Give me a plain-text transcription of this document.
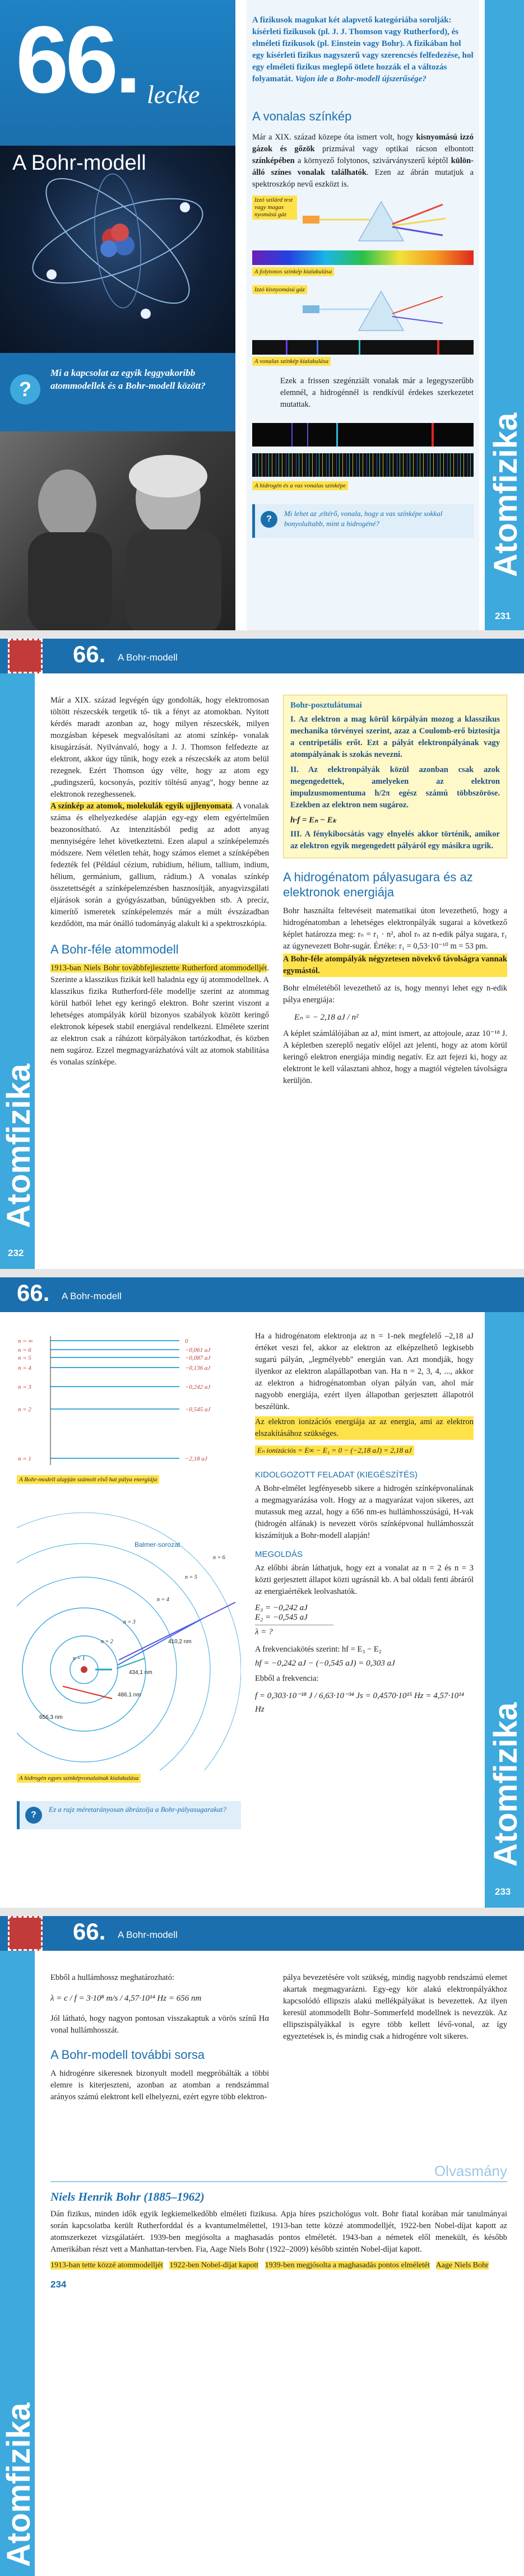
66. lecke
A Bohr-modell
?
Mi a kapcsolat az egyik leggyakoribb atommodellek és a Bohr-modell között?
A fizikusok magukat két alapvető kategóriába sorolják: kísérleti fizikusok (pl. J. J. Thomson vagy Rutherford), és elméleti fizikusok (pl. Einstein vagy Bohr). A fizikában hol egy kísérleti fizikus nagyszerű vagy szerencsés felfedezése, hol egy elméleti fizikus meglepő ötlete hozzák el a változás folyamatát. Vajon ide a Bohr-modell újszerűsége?
A vonalas színkép
Már a XIX. század közepe óta ismert volt, hogy kisnyomású izzó gázok és gőzök prizmával vagy optikai rácson elbontott színképében a környező folytonos, szivárványszerű képtől külön-álló színes vonalak találhatók. Ezen az ábrán mutatjuk a spektroszkóp nevű eszközt is.
Izzó szilárd test vagy magas nyomású gáz
A folytonos színkép kialakulása
Izzó kisnyomású gáz
A vonalas színkép kialakulása
Ezek a frissen szegénziált vonalak már a legegyszerűbb elemnél, a hidrogénnél is rendkívül érdekes szerkezetet mutattak.
A hidrogén és a vas vonalas színképe
?
Mi lehet az ,eltérő, vonala, hogy a vas színképe sokkal bonyolultabb, mint a hidrogéné?	Atomfizika
231
66. A Bohr-modell
Atomfizika
232
Már a XIX. század legvégén úgy gondolták, hogy elektromosan töltött részecskék tergetik tő- tik a fényt az atomokban. Nyitott kérdés maradt azonban az, hogy milyen részecskék, milyen mozgásban képesek megvalósítani az atomi színkép- vonalak kisugárzását. Nyilvánvaló, hogy a J. J. Thomson felfedezte az elektront, akkor úgy tűnik, hogy ezek a részecskék az atom belül rezegnek. Ezért Thomson úgy vélte, hogy az atom egy „pudingszerű, kocsonyás, pozitív töltésű anyag", hogy benne az elektronok rezeghessenek.
A színkép az atomok, molekulák egyik ujjlenyomata. A vonalak száma és elhelyezkedése alapján egy-egy elem egyértelműen beazonosítható. Az intenzitásból pedig az adott anyag mennyiségére lehet következtetni. Ezen alapul a színképelemzés módszere. Nem véletlen tehát, hogy számos elemet a színképében fedezték fel (Például cézium, rubídium, hélium, tallium, indium, hélium, germánium, gallium, rádium.) A vonalas színkép összetettségét a színképelemzésben hasznosítják, anyagvizsgálati eljárások során a gyógyászatban, bűnügyekben stb. A precíz, kimerítő ismeretek színképelemzés már a múlt évszázadban kezdődött, ma már önálló tudományág alakult ki a spektroszkópia.
A Bohr-féle atommodell
1913-ban Niels Bohr továbbfejlesztette Rutherford atommodelljét. Szerinte a klasszikus fizikát kell haladnia egy új atommodellnek. A klasszikus fizika Rutherford-féle modellje szerint az atommag körül hatból lehet egy keringő elektron. Bohr szerint viszont a lehetséges atompályák körül bizonyos szabályok között keringő elektronok képesek stabil energiával rendelkezni. Elmélete szerint az elektron csak a ráhúzott körpályákon tartózkodhat, és közben nem sugároz. Ezzel megmagyarázhatóvá vált az atomok stabilitása és vonalas színképe.
Bohr-posztulátumai
I. Az elektron a mag körül körpályán mozog a klasszikus mechanika törvényei szerint, azaz a Coulomb-erő biztosítja a centripetális erőt. Ezt a pályát elektronpályának vagy atompályának is szokás nevezni.
II. Az elektronpályák közül azonban csak azok megengedettek, amelyeken az elektron impulzusmomentuma h/2π egész számú többszöröse. Ezekben az elektron nem sugároz.
h·f = Eₙ − Eₖ
III. A fénykibocsátás vagy elnyelés akkor történik, amikor az elektron egyik megengedett pályáról egy másikra ugrik.
A hidrogénatom pályasugara és az elektronok energiája
Bohr használta feltevéseit matematikai úton levezethető, hogy a hidrogénatomban a lehetséges elektronpályák sugarai a következő képlet határozza meg: rₙ = r₁ · n², ahol rₙ az n-edik pálya sugara, r₁ az úgynevezett Bohr-sugár. Értéke: r₁ = 0,53·10⁻¹⁰ m = 53 pm.
A Bohr-féle atompályák négyzetesen növekvő távolságra vannak egymástól.
Bohr elméletéből levezethető az is, hogy mennyi lehet egy n-edik pálya energiája:
Eₙ = − 2,18 aJ / n²
A képlet számlálójában az aJ, mint ismert, az attojoule, azaz 10⁻¹⁸ J. A képletben szereplő negatív előjel azt jelenti, hogy az atom körül keringő elektron energiája mindig negatív. Ez azt fejezi ki, hogy az elektront le kell választani ahhoz, hogy a magtól végtelen távolságra kerüljön.
66. A Bohr-modell
n = ∞	0
n = 6	−0,061 aJ
n = 5	−0,087 aJ
n = 4	−0,136 aJ
n = 3	−0,242 aJ
n = 2	−0,545 aJ
n = 1	−2,18 aJ
A Bohr-modell alapján számolt első hat pálya energiája
Balmer-sorozat
n = 1
n = 2
n = 3
n = 4
n = 5
n = 6
410,2 nm
434,1 nm
486,1 nm
656,3 nm
A hidrogén egyes színképvonalainak kialakulása
?
Ez a rajz méretarányosan ábrázolja a Bohr-pályasugarakat?
Ha a hidrogénatom elektronja az n = 1-nek megfelelő –2,18 aJ értéket veszi fel, akkor az elektron az elképzelhető legkisebb sugarú pályán, „legmélyebb" energián van. Azt mondják, hogy ilyenkor az elektron alapállapotban van. Ha n = 2, 3, 4, ..., akkor az elektron a hidrogénatomban olyan pályán van, ahol már nagyobb energiája, ezért ilyen állapotban gerjesztett állapotról beszélünk.
Az elektron ionizációs energiája az az energia, ami az elektron elszakításához szükséges.
Eₙ ionizációs = E∞ − E₁ = 0 − (−2,18 aJ) = 2,18 aJ
KIDOLGOZOTT FELADAT (KIEGÉSZÍTÉS)
A Bohr-elmélet legfényesebb sikere a hidrogén színképvonalának a megmagyarázása volt. Hogy az a magyarázat vajon sikeres, azt mutassuk meg azzal, hogy a 656 nm-es hullámhosszúságú, H-vak (hidrogén alfának) is nevezett vörös színképvonal hullámhosszát kiszámítjuk a Bohr-modell alapján!
MEGOLDÁS
Az előbbi ábrán láthatjuk, hogy ezt a vonalat az n = 2 és n = 3 közti gerjesztett állapot közti ugrásnál kb. A bal oldali fenti ábráról az energiaértékek leolvashatók.
E₃ = −0,242 aJ
E₂ = −0,545 aJ
λ = ?
A frekvenciakötés szerint: hf = E₃ − E₂
hf = −0,242 aJ − (−0,545 aJ) = 0,303 aJ
Ebből a frekvencia:
f = 0,303·10⁻¹⁸ J / 6,63·10⁻³⁴ Js = 0,4570·10¹⁵ Hz = 4,57·10¹⁴ Hz	Atomfizika
233
66. A Bohr-modell
Atomfizika
Ebből a hullámhossz meghatározható:
λ = c / f = 3·10⁸ m/s / 4,57·10¹⁴ Hz = 656 nm
Jól látható, hogy nagyon pontosan visszakaptuk a vörös színű Hα vonal hullámhosszát.
A Bohr-modell további sorsa
A hidrogénre sikeresnek bizonyult modell megpróbálták a többi elemre is kiterjeszteni, azonban az atomban a rendszámmal arányos számú elektront kell elhelyezni, ezért egyre több elektron-
pálya bevezetésére volt szükség, mindig nagyobb rendszámú elemet akartak megmagyarázni. Egy-egy kör alakú elektronpályákhoz kapcsolódó ellipszis alakú mellékpályákat is bevezettek. Az ilyen keresül atommodellt Bohr–Sommerfeld modellnek is nevezzük. Az ellipszispályákkal is egyre több kellett lévő-vonal, az így egyeztetések is, és mindig csak a hidrogénre volt sikeres.
Olvasmány
Niels Henrik Bohr (1885–1962)
Dán fizikus, minden idők egyik legkiemelkedőbb elméleti fizikusa. Apja híres pszichológus volt. Bohr fiatal korában már tanulmányai során kapcsolatba került Rutherforddal és a kvantumelmélettel, 1913-ban tette közzé atommodelljét, 1922-ben Nobel-díjat kapott az atomszerkezet vizsgálatáért. 1939-ben megjósolta a maghasadás pontos elméletét. 1943-ban a németek elől menekült, és később Amerikában részt vett a Manhattan-tervben. Fia, Aage Niels Bohr (1922–2009) később szintén Nobel-díjat kapott.
1913-ban tette közzé atommodelljét 1922-ben Nobel-díjat kapott 1939-ben megjósolta a maghasadás pontos elméletét Aage Niels Bohr
234
